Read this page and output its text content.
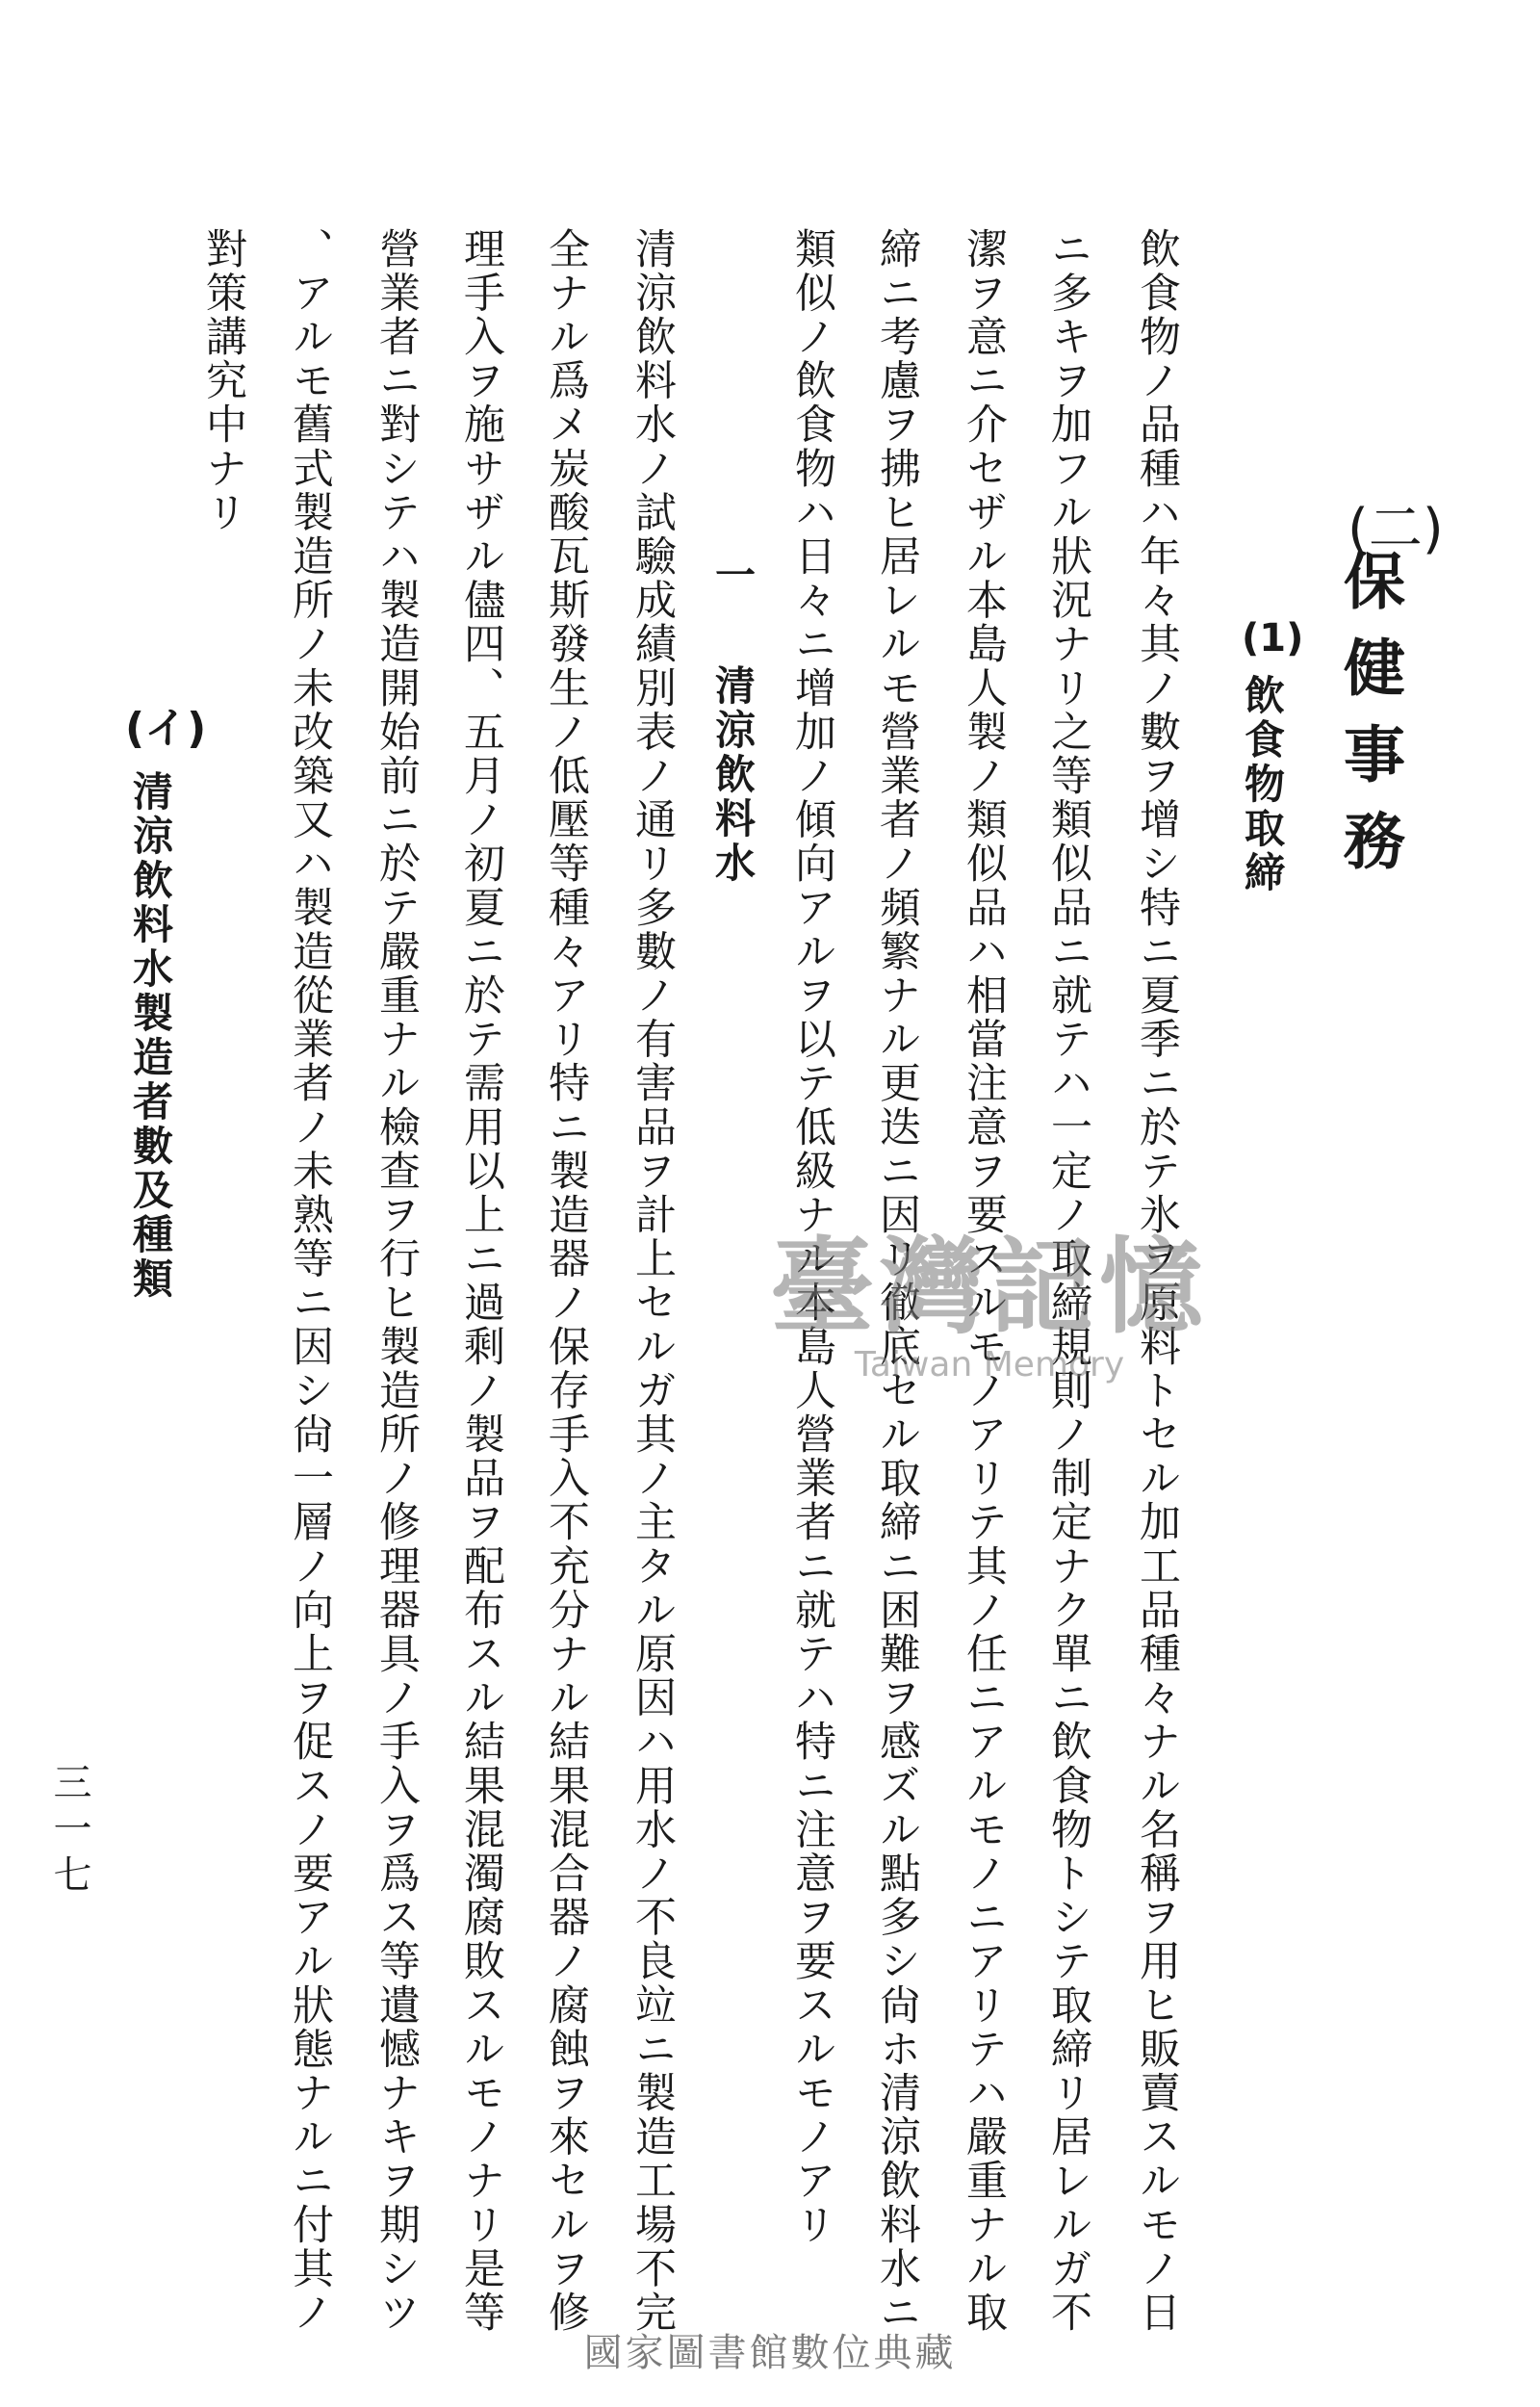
(二)
保健事務
(1)
飲食物取締
飲食物ノ品種ハ年々其ノ數ヲ增シ特ニ夏季ニ於テ氷ヲ原料トセル加工品種々ナル名稱ヲ用ヒ販賣スルモノ日
ニ多キヲ加フル狀況ナリ之等類似品ニ就テハ一定ノ取締規則ノ制定ナク單ニ飲食物トシテ取締リ居レルガ不
潔ヲ意ニ介セザル本島人製ノ類似品ハ相當注意ヲ要スルモノアリテ其ノ任ニアルモノニアリテハ嚴重ナル取
締ニ考慮ヲ拂ヒ居レルモ營業者ノ頻繁ナル更迭ニ因リ徹底セル取締ニ困難ヲ感ズル點多シ尙ホ清涼飲料水ニ
類似ノ飲食物ハ日々ニ增加ノ傾向アルヲ以テ低級ナル本島人營業者ニ就テハ特ニ注意ヲ要スルモノアリ
一
清涼飲料水
清涼飲料水ノ試驗成績別表ノ通リ多數ノ有害品ヲ計上セルガ其ノ主タル原因ハ用水ノ不良竝ニ製造工場不完
全ナル爲メ炭酸瓦斯發生ノ低壓等種々アリ特ニ製造器ノ保存手入不充分ナル結果混合器ノ腐蝕ヲ來セルヲ修
理手入ヲ施サザル儘四、五月ノ初夏ニ於テ需用以上ニ過剩ノ製品ヲ配布スル結果混濁腐敗スルモノナリ是等
營業者ニ對シテハ製造開始前ニ於テ嚴重ナル檢查ヲ行ヒ製造所ノ修理器具ノ手入ヲ爲ス等遺憾ナキヲ期シツ
、アルモ舊式製造所ノ未改築又ハ製造從業者ノ未熟等ニ因シ尙一層ノ向上ヲ促スノ要アル狀態ナルニ付其ノ
對策講究中ナリ
(イ)
清涼飲料水製造者數及種類
三一七
臺灣記憶
Taiwan Memory
國家圖書館數位典藏
